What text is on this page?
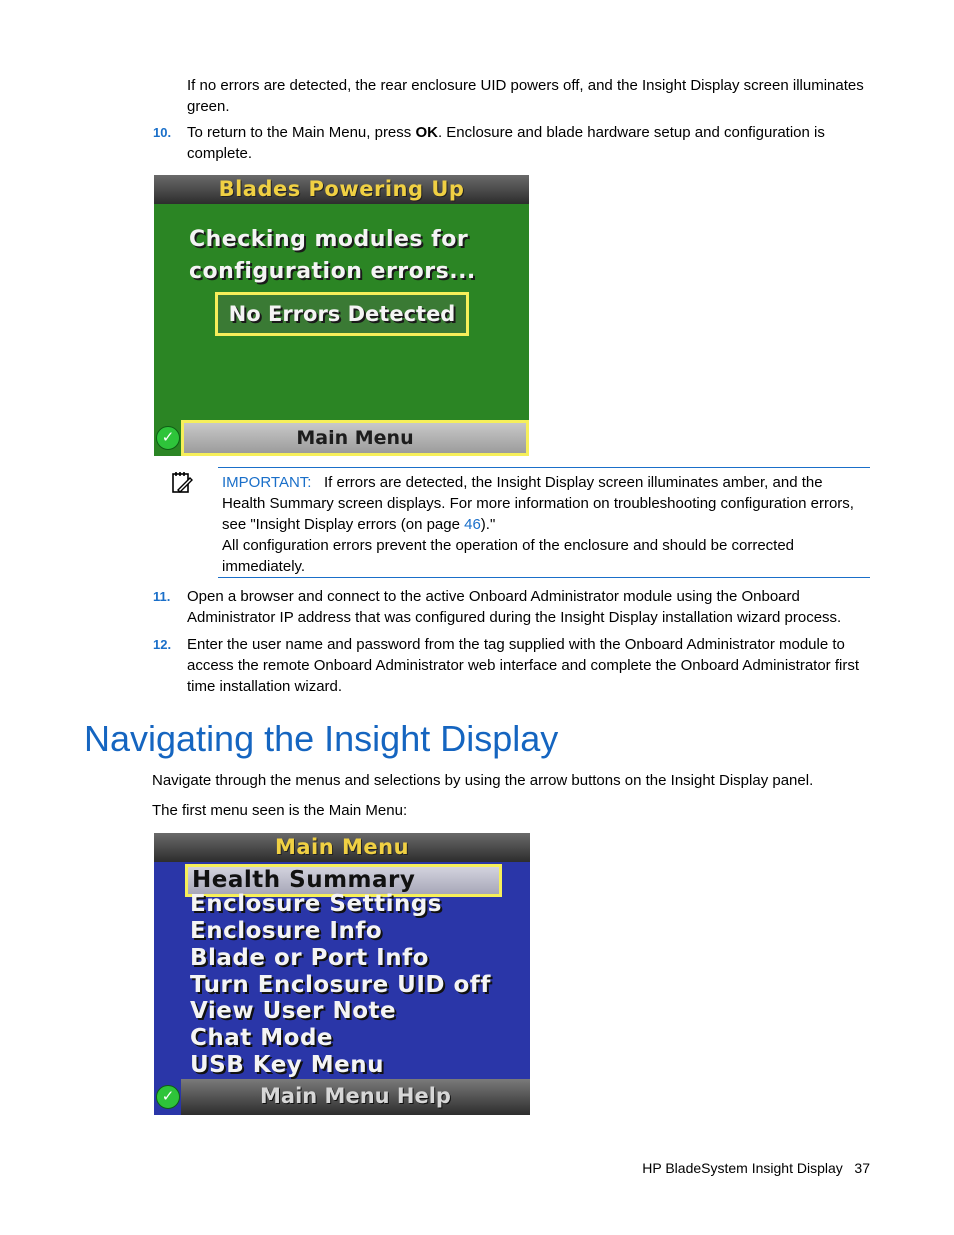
If no errors are detected, the rear enclosure UID powers off, and the Insight Display screen illuminates green.

10. To return to the Main Menu, press OK. Enclosure and blade hardware setup and configuration is complete.

Blades Powering Up
Checking modules for
configuration errors...
No Errors Detected
✓	Main Menu

IMPORTANT: If errors are detected, the Insight Display screen illuminates amber, and the Health Summary screen displays. For more information on troubleshooting configuration errors, see "Insight Display errors (on page 46)."

All configuration errors prevent the operation of the enclosure and should be corrected immediately.

11. Open a browser and connect to the active Onboard Administrator module using the Onboard Administrator IP address that was configured during the Insight Display installation wizard process.

12. Enter the user name and password from the tag supplied with the Onboard Administrator module to access the remote Onboard Administrator web interface and complete the Onboard Administrator first time installation wizard.

Navigating the Insight Display

Navigate through the menus and selections by using the arrow buttons on the Insight Display panel.

The first menu seen is the Main Menu:

Main Menu
Health Summary
Enclosure Settings
Enclosure Info
Blade or Port Info
Turn Enclosure UID off
View User Note
Chat Mode
USB Key Menu
✓	Main Menu Help
HP BladeSystem Insight Display 37
